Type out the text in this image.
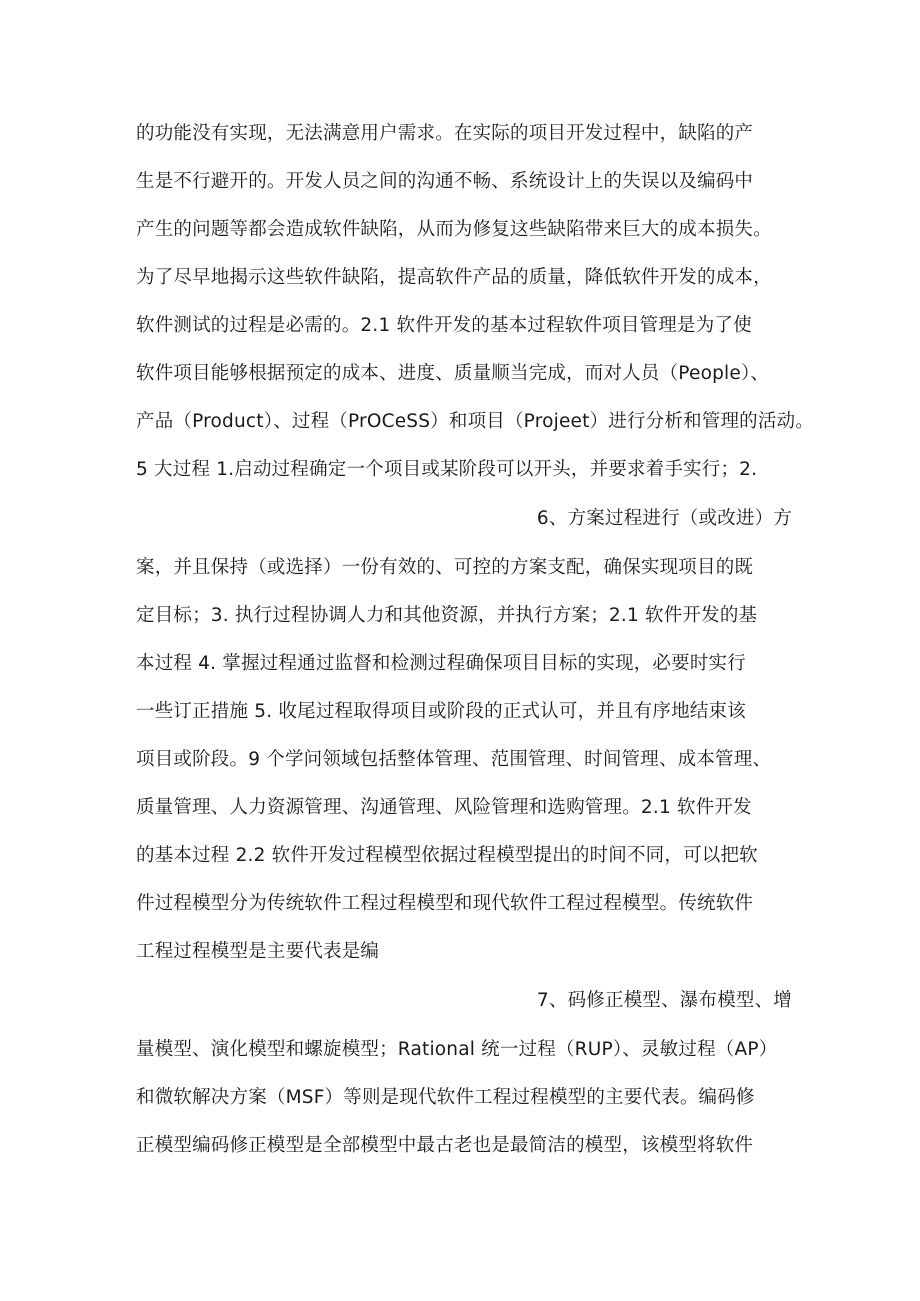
的功能没有实现，无法满意用户需求。在实际的项目开发过程中，缺陷的产
生是不行避开的。开发人员之间的沟通不畅、系统设计上的失误以及编码中
产生的问题等都会造成软件缺陷，从而为修复这些缺陷带来巨大的成本损失。
为了尽早地揭示这些软件缺陷，提高软件产品的质量，降低软件开发的成本，
软件测试的过程是必需的。2.1 软件开发的基本过程软件项目管理是为了使
软件项目能够根据预定的成本、进度、质量顺当完成，而对人员（People）、
产品（Product）、过程（PrOCeSS）和项目（Projeet）进行分析和管理的活动。
5 大过程 1.启动过程确定一个项目或某阶段可以开头，并要求着手实行；2.
6、方案过程进行（或改进）方
案，并且保持（或选择）一份有效的、可控的方案支配，确保实现项目的既
定目标；3. 执行过程协调人力和其他资源，并执行方案；2.1 软件开发的基
本过程 4. 掌握过程通过监督和检测过程确保项目目标的实现，必要时实行
一些订正措施 5. 收尾过程取得项目或阶段的正式认可，并且有序地结束该
项目或阶段。9 个学问领域包括整体管理、范围管理、时间管理、成本管理、
质量管理、人力资源管理、沟通管理、风险管理和选购管理。2.1 软件开发
的基本过程 2.2 软件开发过程模型依据过程模型提出的时间不同，可以把软
件过程模型分为传统软件工程过程模型和现代软件工程过程模型。传统软件
工程过程模型是主要代表是编
7、码修正模型、瀑布模型、增
量模型、演化模型和螺旋模型；Rational 统一过程（RUP）、灵敏过程（AP）
和微软解决方案（MSF）等则是现代软件工程过程模型的主要代表。编码修
正模型编码修正模型是全部模型中最古老也是最简洁的模型，该模型将软件
